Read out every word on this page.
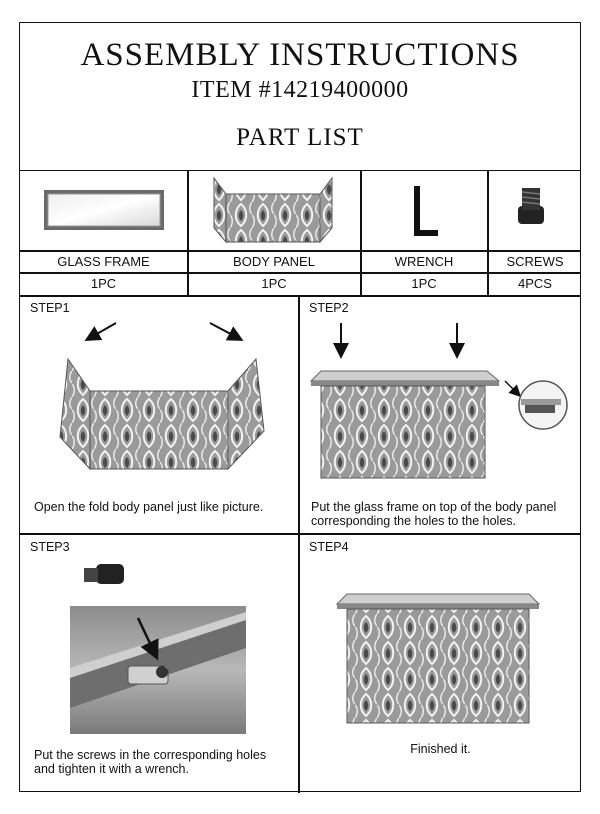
ASSEMBLY INSTRUCTIONS
ITEM #14219400000
PART LIST
GLASS FRAME	BODY PANEL	WRENCH	SCREWS
1PC	1PC	1PC	4PCS
STEP1
Open the fold body panel just like picture.
STEP2
Put the glass frame on top of the body panel
corresponding the holes to the holes.
STEP3
Put the screws in the corresponding holes
and tighten it with a wrench.
STEP4
Finished it.
